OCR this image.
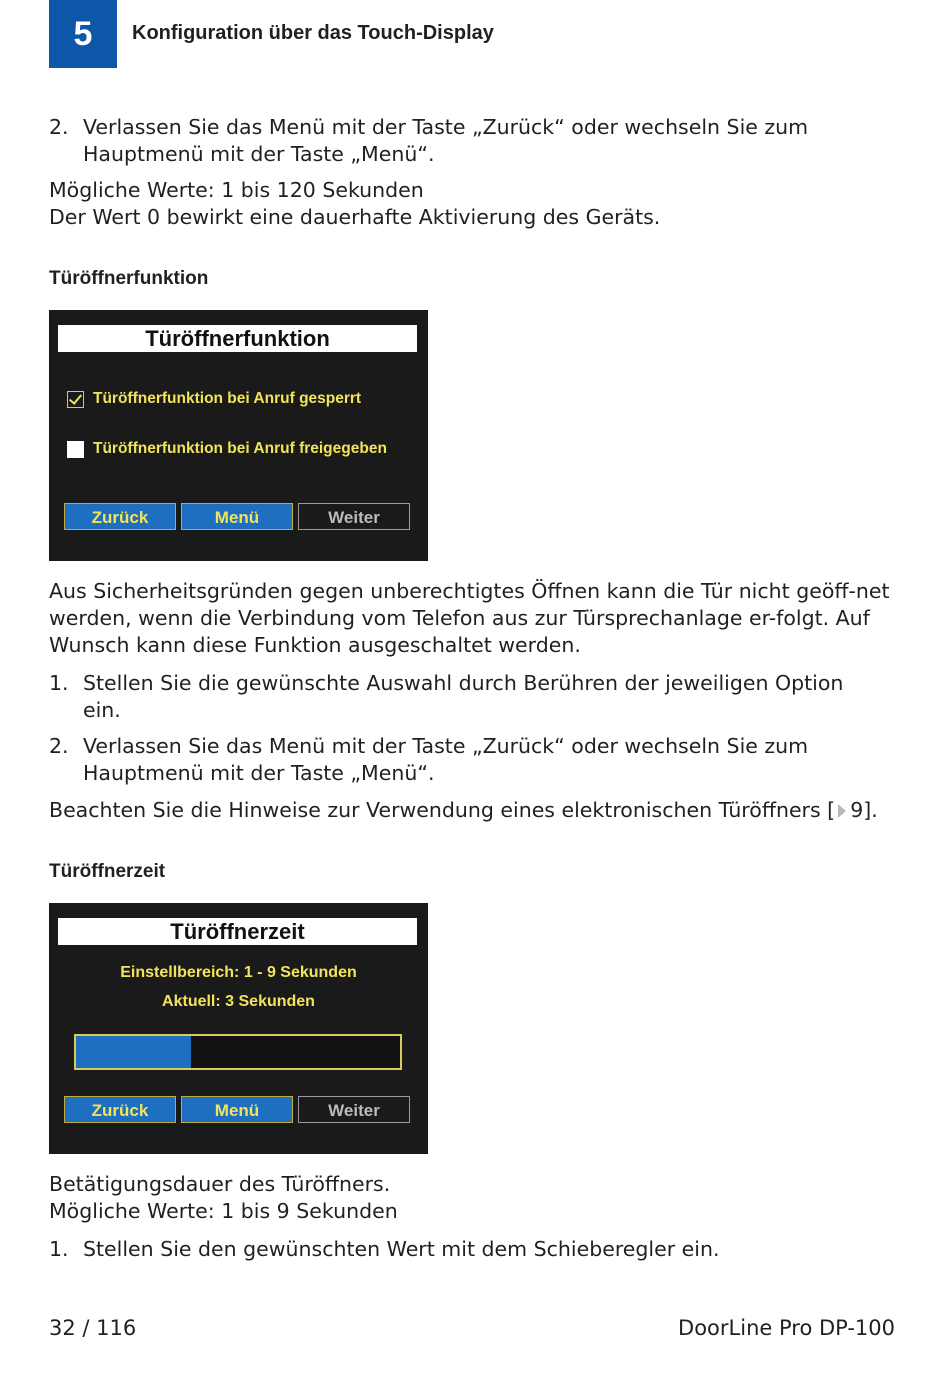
5	Konfiguration über das Touch-Display
2. Verlassen Sie das Menü mit der Taste „Zurück“ oder wechseln Sie zum Hauptmenü mit der Taste „Menü“.
Mögliche Werte: 1 bis 120 Sekunden
Der Wert 0 bewirkt eine dauerhafte Aktivierung des Geräts.
Türöffnerfunktion
Türöffnerfunktion
Türöffnerfunktion bei Anruf gesperrt
Türöffnerfunktion bei Anruf freigegeben
Zurück	Menü	Weiter
Aus Sicherheitsgründen gegen unberechtigtes Öffnen kann die Tür nicht geöff-net werden, wenn die Verbindung vom Telefon aus zur Türsprechanlage er-folgt. Auf Wunsch kann diese Funktion ausgeschaltet werden.
1. Stellen Sie die gewünschte Auswahl durch Berühren der jeweiligen Option ein.
2. Verlassen Sie das Menü mit der Taste „Zurück“ oder wechseln Sie zum Hauptmenü mit der Taste „Menü“.
Beachten Sie die Hinweise zur Verwendung eines elektronischen Türöffners [ 9].
Türöffnerzeit
Türöffnerzeit
Einstellbereich: 1 - 9 Sekunden
Aktuell: 3 Sekunden
Zurück	Menü	Weiter
Betätigungsdauer des Türöffners.
Mögliche Werte: 1 bis 9 Sekunden
1. Stellen Sie den gewünschten Wert mit dem Schieberegler ein.
32 / 116	DoorLine Pro DP-100
